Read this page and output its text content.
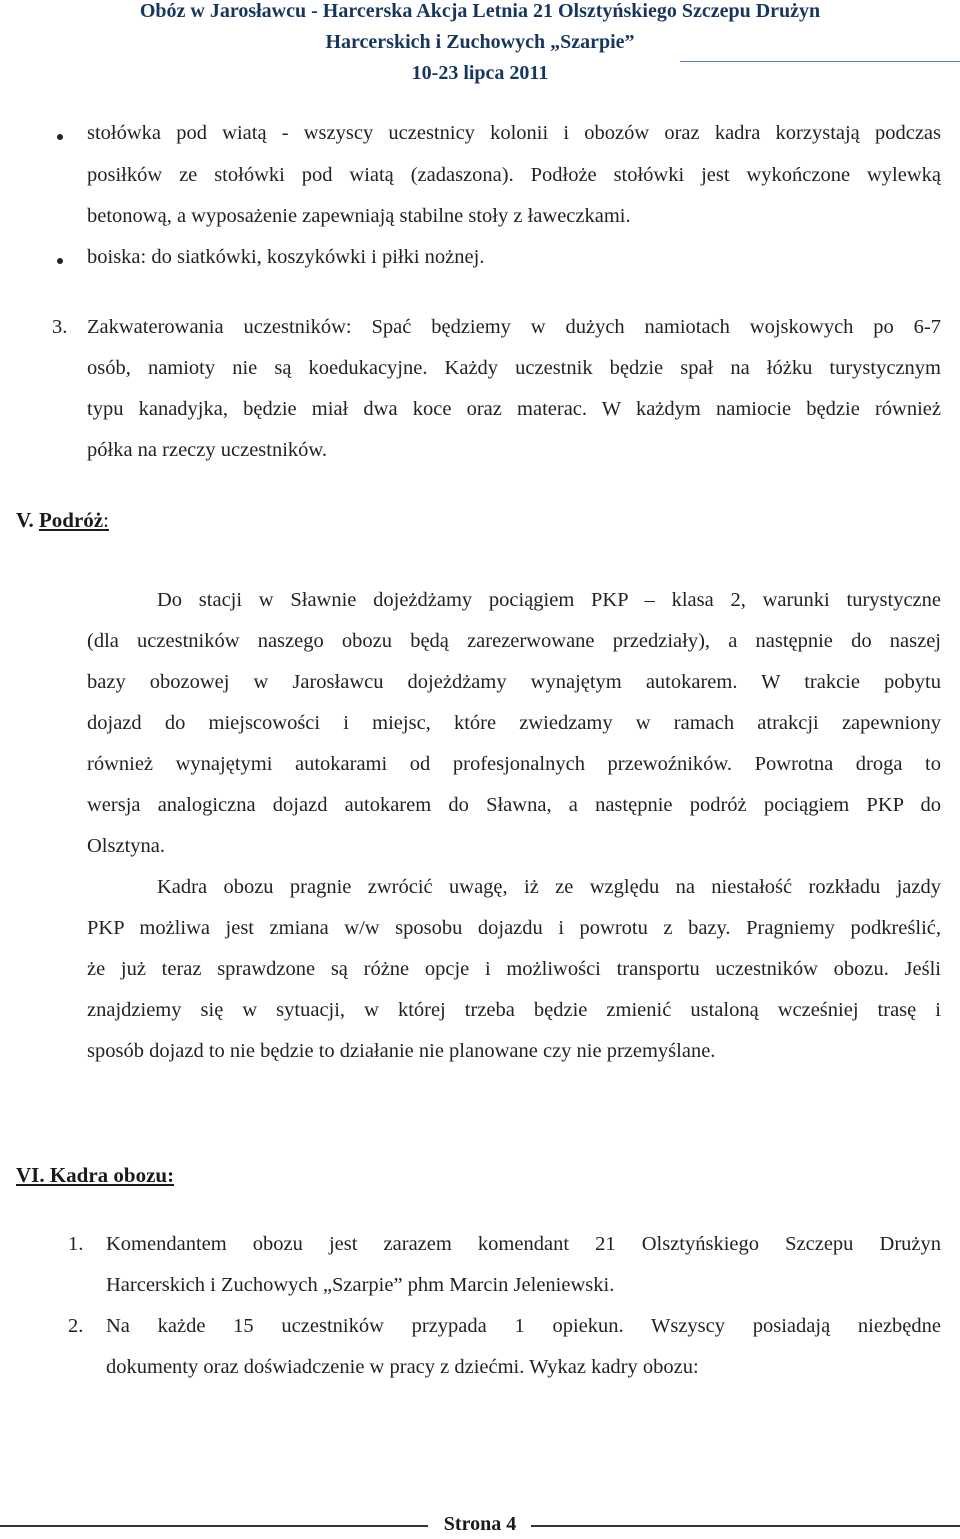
Obóz w Jarosławcu - Harcerska Akcja Letnia 21 Olsztyńskiego Szczepu Drużyn
Harcerskich i Zuchowych „Szarpie”
10-23 lipca 2011
stołówka pod wiatą - wszyscy uczestnicy kolonii i obozów oraz kadra korzystają podczas
posiłków ze stołówki pod wiatą (zadaszona). Podłoże stołówki jest wykończone wylewką
betonową, a wyposażenie zapewniają stabilne stoły z ławeczkami.
boiska: do siatkówki, koszykówki i piłki nożnej.
3. Zakwaterowania uczestników: Spać będziemy w dużych namiotach wojskowych po 6-7
osób, namioty nie są koedukacyjne. Każdy uczestnik będzie spał na łóżku turystycznym
typu kanadyjka, będzie miał dwa koce oraz materac. W każdym namiocie będzie również
półka na rzeczy uczestników.
V. Podróż:
Do stacji w Sławnie dojeżdżamy pociągiem PKP – klasa 2, warunki turystyczne
(dla uczestników naszego obozu będą zarezerwowane przedziały), a następnie do naszej
bazy obozowej w Jarosławcu dojeżdżamy wynajętym autokarem. W trakcie pobytu
dojazd do miejscowości i miejsc, które zwiedzamy w ramach atrakcji zapewniony
również wynajętymi autokarami od profesjonalnych przewoźników. Powrotna droga to
wersja analogiczna dojazd autokarem do Sławna, a następnie podróż pociągiem PKP do
Olsztyna.
Kadra obozu pragnie zwrócić uwagę, iż ze względu na niestałość rozkładu jazdy
PKP możliwa jest zmiana w/w sposobu dojazdu i powrotu z bazy. Pragniemy podkreślić,
że już teraz sprawdzone są różne opcje i możliwości transportu uczestników obozu. Jeśli
znajdziemy się w sytuacji, w której trzeba będzie zmienić ustaloną wcześniej trasę i
sposób dojazd to nie będzie to działanie nie planowane czy nie przemyślane.
VI. Kadra obozu:
1. Komendantem obozu jest zarazem komendant 21 Olsztyńskiego Szczepu Drużyn
Harcerskich i Zuchowych „Szarpie” phm Marcin Jeleniewski.
2. Na każde 15 uczestników przypada 1 opiekun. Wszyscy posiadają niezbędne
dokumenty oraz doświadczenie w pracy z dziećmi. Wykaz kadry obozu:
Strona 4
